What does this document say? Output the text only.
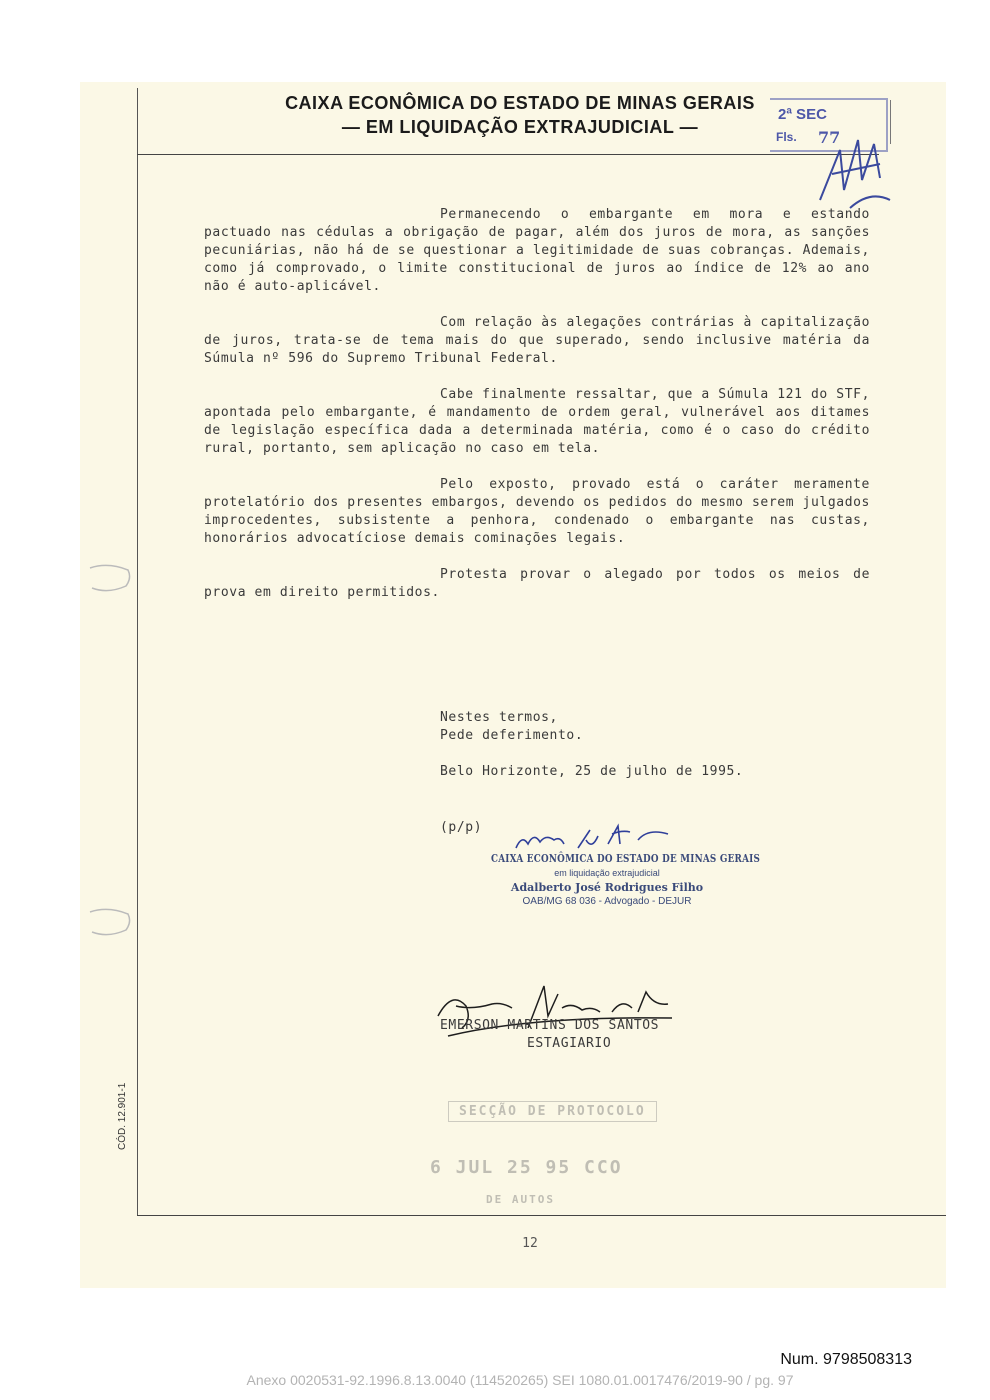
CAIXA ECONÔMICA DO ESTADO DE MINAS GERAIS
— EM LIQUIDAÇÃO EXTRAJUDICIAL —
2ª SEC
Fls. 77

Permanecendo o embargante em mora e estando pactuado nas cédulas a obrigação de pagar, além dos juros de mora, as sanções pecuniárias, não há de se questionar a legitimidade de suas cobranças. Ademais, como já comprovado, o limite constitucional de juros ao índice de 12% ao ano não é auto-aplicável.

Com relação às alegações contrárias à capitalização de juros, trata-se de tema mais do que superado, sendo inclusive matéria da Súmula nº 596 do Supremo Tribunal Federal.

Cabe finalmente ressaltar, que a Súmula 121 do STF, apontada pelo embargante, é mandamento de ordem geral, vulnerável aos ditames de legislação específica dada a determinada matéria, como é o caso do crédito rural, portanto, sem aplicação no caso em tela.

Pelo exposto, provado está o caráter meramente protelatório dos presentes embargos, devendo os pedidos do mesmo serem julgados improcedentes, subsistente a penhora, condenado o embargante nas custas, honorários advocatíciose demais cominações legais.

Protesta provar o alegado por todos os meios de prova em direito permitidos.

Nestes termos,
Pede deferimento.
Belo Horizonte, 25 de julho de 1995.
(p/p)
CAIXA ECONÔMICA DO ESTADO DE MINAS GERAIS
em liquidação extrajudicial
Adalberto José Rodrigues Filho
OAB/MG 68 036 - Advogado - DEJUR
EMERSON MARTINS DOS SANTOS
ESTAGIARIO
SECÇÃO DE PROTOCOLO
6 JUL 25 95 CCO
DE AUTOS
CÓD. 12.901-1
12
Num. 9798508313
Anexo 0020531-92.1996.8.13.0040 (114520265) SEI 1080.01.0017476/2019-90 / pg. 97
